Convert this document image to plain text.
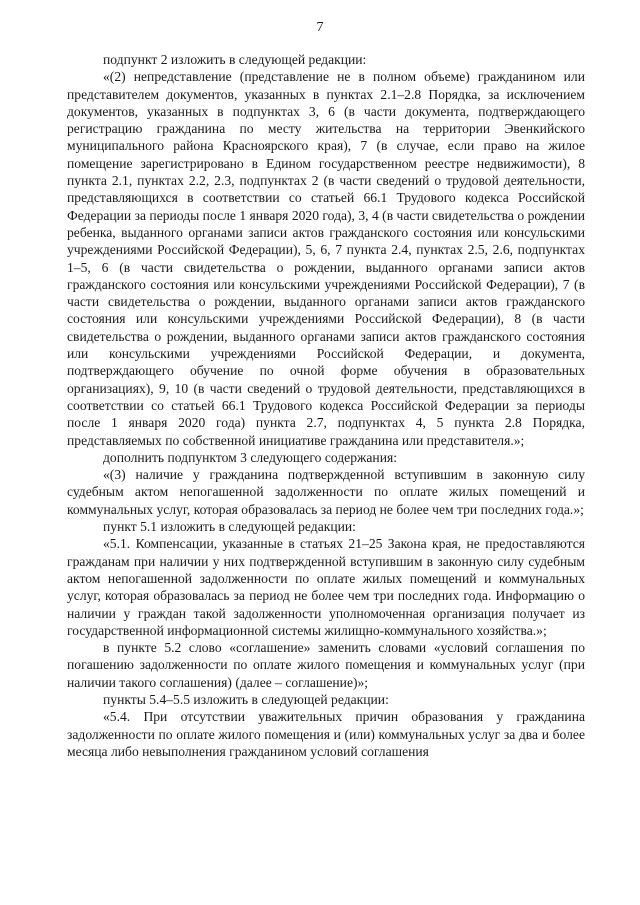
7

подпункт 2 изложить в следующей редакции:

«(2) непредставление (представление не в полном объеме) гражданином или представителем документов, указанных в пунктах 2.1–2.8 Порядка, за исключением документов, указанных в подпунктах 3, 6 (в части документа, подтверждающего регистрацию гражданина по месту жительства на территории Эвенкийского муниципального района Красноярского края), 7 (в случае, если право на жилое помещение зарегистрировано в Едином государственном реестре недвижимости), 8 пункта 2.1, пунктах 2.2, 2.3, подпунктах 2 (в части сведений о трудовой деятельности, представляющихся в соответствии со статьей 66.1 Трудового кодекса Российской Федерации за периоды после 1 января 2020 года), 3, 4 (в части свидетельства о рождении ребенка, выданного органами записи актов гражданского состояния или консульскими учреждениями Российской Федерации), 5, 6, 7 пункта 2.4, пунктах 2.5, 2.6, подпунктах 1–5, 6 (в части свидетельства о рождении, выданного органами записи актов гражданского состояния или консульскими учреждениями Российской Федерации), 7 (в части свидетельства о рождении, выданного органами записи актов гражданского состояния или консульскими учреждениями Российской Федерации), 8 (в части свидетельства о рождении, выданного органами записи актов гражданского состояния или консульскими учреждениями Российской Федерации, и документа, подтверждающего обучение по очной форме обучения в образовательных организациях), 9, 10 (в части сведений о трудовой деятельности, представляющихся в соответствии со статьей 66.1 Трудового кодекса Российской Федерации за периоды после 1 января 2020 года) пункта 2.7, подпунктах 4, 5 пункта 2.8 Порядка, представляемых по собственной инициативе гражданина или представителя.»;

дополнить подпунктом 3 следующего содержания:

«(3) наличие у гражданина подтвержденной вступившим в законную силу судебным актом непогашенной задолженности по оплате жилых помещений и коммунальных услуг, которая образовалась за период не более чем три последних года.»;

пункт 5.1 изложить в следующей редакции:

«5.1. Компенсации, указанные в статьях 21–25 Закона края, не предоставляются гражданам при наличии у них подтвержденной вступившим в законную силу судебным актом непогашенной задолженности по оплате жилых помещений и коммунальных услуг, которая образовалась за период не более чем три последних года. Информацию о наличии у граждан такой задолженности уполномоченная организация получает из государственной информационной системы жилищно-коммунального хозяйства.»;

в пункте 5.2 слово «соглашение» заменить словами «условий соглашения по погашению задолженности по оплате жилого помещения и коммунальных услуг (при наличии такого соглашения) (далее – соглашение)»;

пункты 5.4–5.5 изложить в следующей редакции:

«5.4. При отсутствии уважительных причин образования у гражданина задолженности по оплате жилого помещения и (или) коммунальных услуг за два и более месяца либо невыполнения гражданином условий соглашения
